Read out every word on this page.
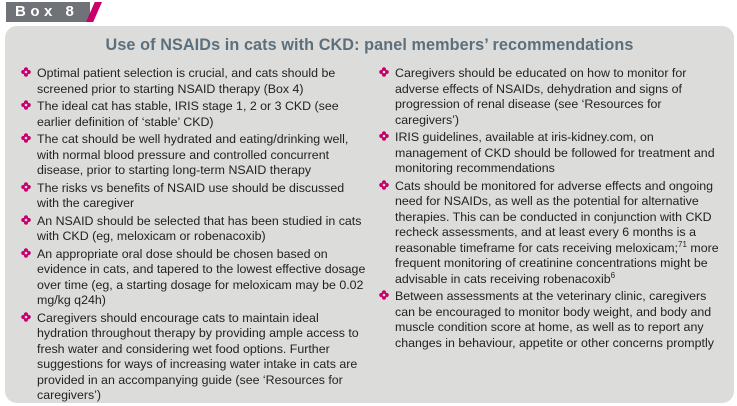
Box 8
Use of NSAIDs in cats with CKD: panel members’ recommendations
Optimal patient selection is crucial, and cats should be screened prior to starting NSAID therapy (Box 4)
The ideal cat has stable, IRIS stage 1, 2 or 3 CKD (see earlier definition of ‘stable’ CKD)
The cat should be well hydrated and eating/drinking well, with normal blood pressure and controlled concurrent disease, prior to starting long-term NSAID therapy
The risks vs benefits of NSAID use should be discussed with the caregiver
An NSAID should be selected that has been studied in cats with CKD (eg, meloxicam or robenacoxib)
An appropriate oral dose should be chosen based on evidence in cats, and tapered to the lowest effective dosage over time (eg, a starting dosage for meloxicam may be 0.02 mg/kg q24h)
Caregivers should encourage cats to maintain ideal hydration throughout therapy by providing ample access to fresh water and considering wet food options. Further suggestions for ways of increasing water intake in cats are provided in an accompanying guide (see ‘Resources for caregivers’)
Caregivers should be educated on how to monitor for adverse effects of NSAIDs, dehydration and signs of progression of renal disease (see ‘Resources for caregivers’)
IRIS guidelines, available at iris-kidney.com, on management of CKD should be followed for treatment and monitoring recommendations
Cats should be monitored for adverse effects and ongoing need for NSAIDs, as well as the potential for alternative therapies. This can be conducted in conjunction with CKD recheck assessments, and at least every 6 months is a reasonable timeframe for cats receiving meloxicam;$^{71}$ more frequent monitoring of creatinine concentrations might be advisable in cats receiving robenacoxib$^6$
Between assessments at the veterinary clinic, caregivers can be encouraged to monitor body weight, and body and muscle condition score at home, as well as to report any changes in behaviour, appetite or other concerns promptly
